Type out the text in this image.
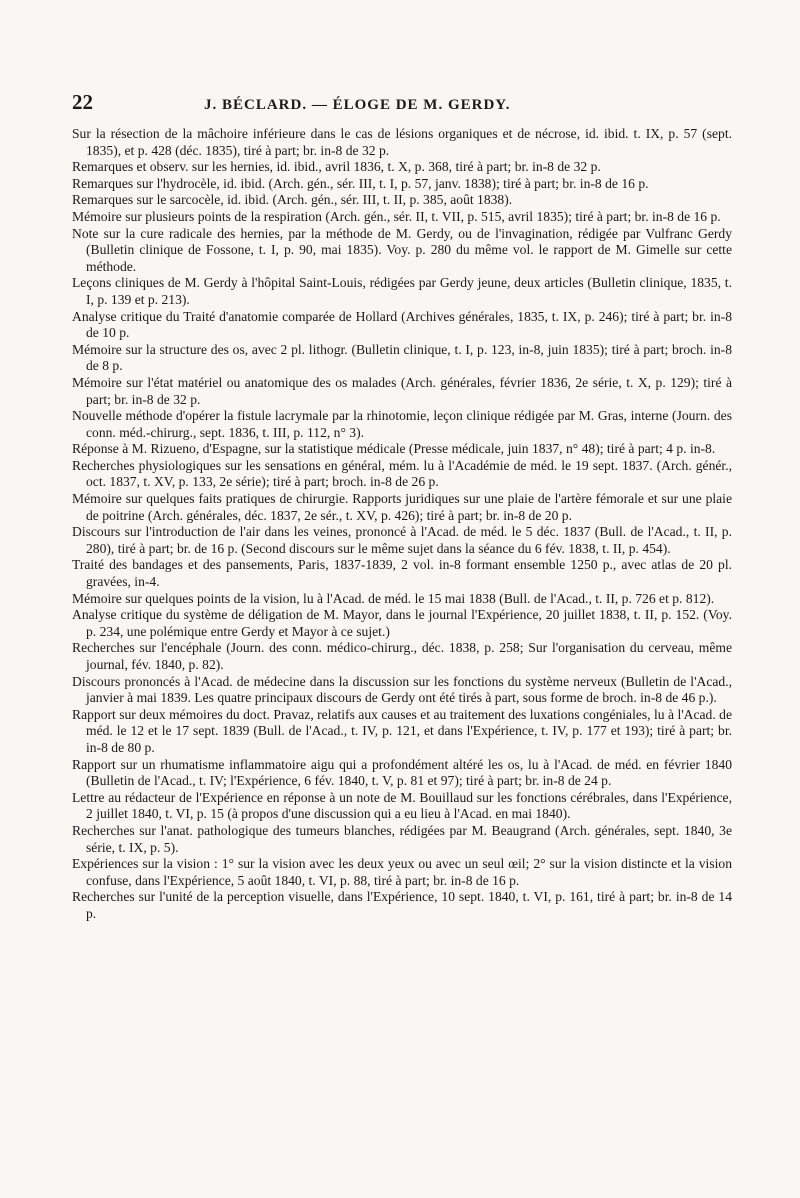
22	J. BÉCLARD. — ÉLOGE DE M. GERDY.

Sur la résection de la mâchoire inférieure dans le cas de lésions organiques et de nécrose, id. ibid. t. IX, p. 57 (sept. 1835), et p. 428 (déc. 1835), tiré à part; br. in-8 de 32 p.

Remarques et observ. sur les hernies, id. ibid., avril 1836, t. X, p. 368, tiré à part; br. in-8 de 32 p.

Remarques sur l'hydrocèle, id. ibid. (Arch. gén., sér. III, t. I, p. 57, janv. 1838); tiré à part; br. in-8 de 16 p.

Remarques sur le sarcocèle, id. ibid. (Arch. gén., sér. III, t. II, p. 385, août 1838).

Mémoire sur plusieurs points de la respiration (Arch. gén., sér. II, t. VII, p. 515, avril 1835); tiré à part; br. in-8 de 16 p.

Note sur la cure radicale des hernies, par la méthode de M. Gerdy, ou de l'invagination, rédigée par Vulfranc Gerdy (Bulletin clinique de Fossone, t. I, p. 90, mai 1835). Voy. p. 280 du même vol. le rapport de M. Gimelle sur cette méthode.

Leçons cliniques de M. Gerdy à l'hôpital Saint-Louis, rédigées par Gerdy jeune, deux articles (Bulletin clinique, 1835, t. I, p. 139 et p. 213).

Analyse critique du Traité d'anatomie comparée de Hollard (Archives générales, 1835, t. IX, p. 246); tiré à part; br. in-8 de 10 p.

Mémoire sur la structure des os, avec 2 pl. lithogr. (Bulletin clinique, t. I, p. 123, in-8, juin 1835); tiré à part; broch. in-8 de 8 p.

Mémoire sur l'état matériel ou anatomique des os malades (Arch. générales, février 1836, 2e série, t. X, p. 129); tiré à part; br. in-8 de 32 p.

Nouvelle méthode d'opérer la fistule lacrymale par la rhinotomie, leçon clinique rédigée par M. Gras, interne (Journ. des conn. méd.-chirurg., sept. 1836, t. III, p. 112, n° 3).

Réponse à M. Rizueno, d'Espagne, sur la statistique médicale (Presse médicale, juin 1837, n° 48); tiré à part; 4 p. in-8.

Recherches physiologiques sur les sensations en général, mém. lu à l'Académie de méd. le 19 sept. 1837. (Arch. génér., oct. 1837, t. XV, p. 133, 2e série); tiré à part; broch. in-8 de 26 p.

Mémoire sur quelques faits pratiques de chirurgie. Rapports juridiques sur une plaie de l'artère fémorale et sur une plaie de poitrine (Arch. générales, déc. 1837, 2e sér., t. XV, p. 426); tiré à part; br. in-8 de 20 p.

Discours sur l'introduction de l'air dans les veines, prononcé à l'Acad. de méd. le 5 déc. 1837 (Bull. de l'Acad., t. II, p. 280), tiré à part; br. de 16 p. (Second discours sur le même sujet dans la séance du 6 fév. 1838, t. II, p. 454).

Traité des bandages et des pansements, Paris, 1837-1839, 2 vol. in-8 formant ensemble 1250 p., avec atlas de 20 pl. gravées, in-4.

Mémoire sur quelques points de la vision, lu à l'Acad. de méd. le 15 mai 1838 (Bull. de l'Acad., t. II, p. 726 et p. 812).

Analyse critique du système de déligation de M. Mayor, dans le journal l'Expérience, 20 juillet 1838, t. II, p. 152. (Voy. p. 234, une polémique entre Gerdy et Mayor à ce sujet.)

Recherches sur l'encéphale (Journ. des conn. médico-chirurg., déc. 1838, p. 258; Sur l'organisation du cerveau, même journal, fév. 1840, p. 82).

Discours prononcés à l'Acad. de médecine dans la discussion sur les fonctions du système nerveux (Bulletin de l'Acad., janvier à mai 1839. Les quatre principaux discours de Gerdy ont été tirés à part, sous forme de broch. in-8 de 46 p.).

Rapport sur deux mémoires du doct. Pravaz, relatifs aux causes et au traitement des luxations congéniales, lu à l'Acad. de méd. le 12 et le 17 sept. 1839 (Bull. de l'Acad., t. IV, p. 121, et dans l'Expérience, t. IV, p. 177 et 193); tiré à part; br. in-8 de 80 p.

Rapport sur un rhumatisme inflammatoire aigu qui a profondément altéré les os, lu à l'Acad. de méd. en février 1840 (Bulletin de l'Acad., t. IV; l'Expérience, 6 fév. 1840, t. V, p. 81 et 97); tiré à part; br. in-8 de 24 p.

Lettre au rédacteur de l'Expérience en réponse à un note de M. Bouillaud sur les fonctions cérébrales, dans l'Expérience, 2 juillet 1840, t. VI, p. 15 (à propos d'une discussion qui a eu lieu à l'Acad. en mai 1840).

Recherches sur l'anat. pathologique des tumeurs blanches, rédigées par M. Beaugrand (Arch. générales, sept. 1840, 3e série, t. IX, p. 5).

Expériences sur la vision : 1° sur la vision avec les deux yeux ou avec un seul œil; 2° sur la vision distincte et la vision confuse, dans l'Expérience, 5 août 1840, t. VI, p. 88, tiré à part; br. in-8 de 16 p.

Recherches sur l'unité de la perception visuelle, dans l'Expérience, 10 sept. 1840, t. VI, p. 161, tiré à part; br. in-8 de 14 p.
